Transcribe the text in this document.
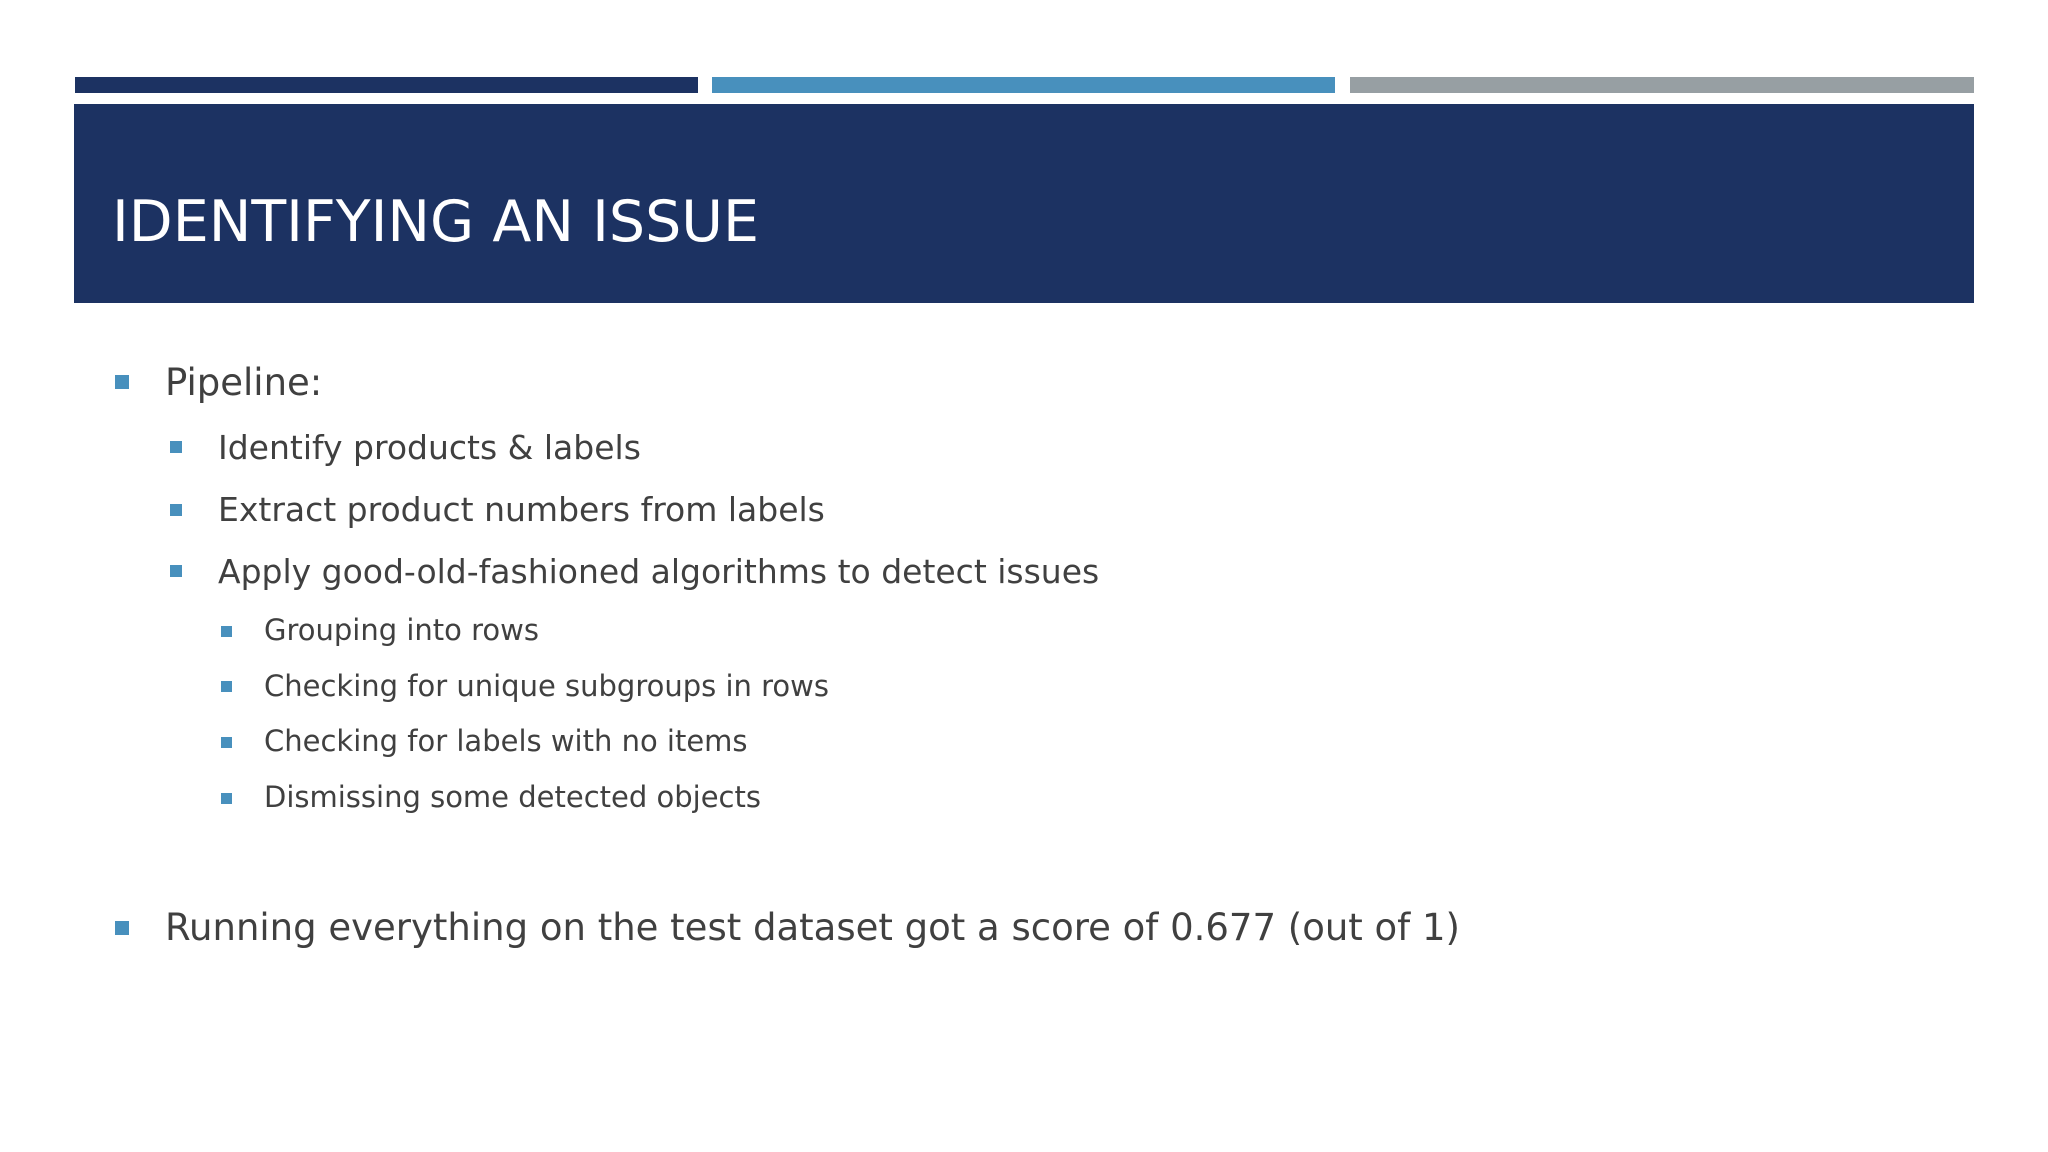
IDENTIFYING AN ISSUE
Pipeline:
Identify products & labels
Extract product numbers from labels
Apply good-old-fashioned algorithms to detect issues
Grouping into rows
Checking for unique subgroups in rows
Checking for labels with no items
Dismissing some detected objects
Running everything on the test dataset got a score of 0.677 (out of 1)
